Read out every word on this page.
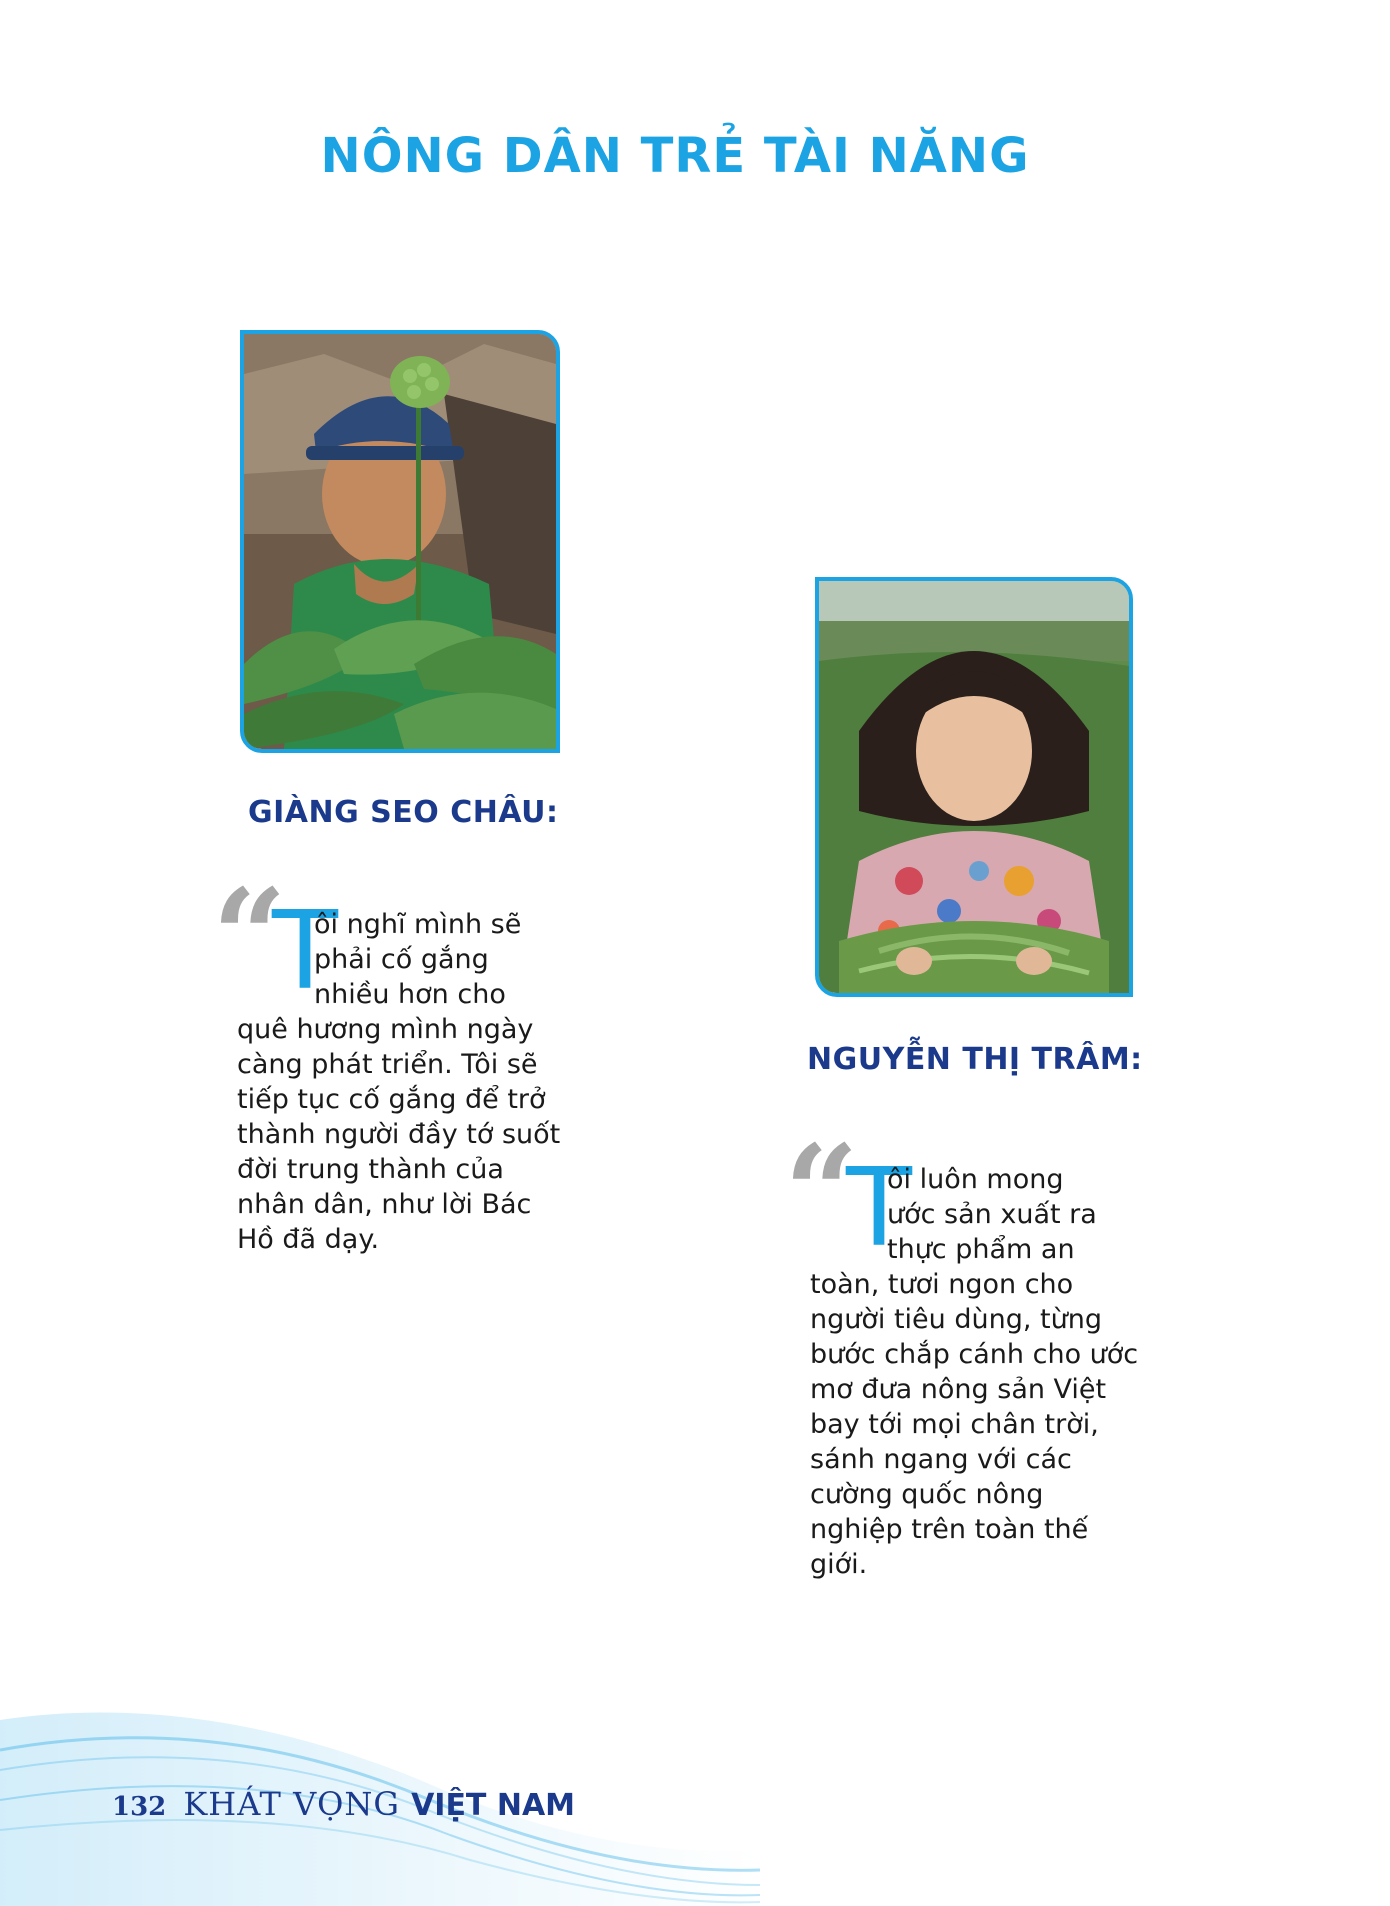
NÔNG DÂN TRẺ TÀI NĂNG
GIÀNG SEO CHÂU:
NGUYỄN THỊ TRÂM:
“
“
T
T
ôi nghĩ mình sẽ
phải cố gắng
nhiều hơn cho
quê hương mình ngày
càng phát triển. Tôi sẽ
tiếp tục cố gắng để trở
thành người đầy tớ suốt
đời trung thành của
nhân dân, như lời Bác
Hồ đã dạy.
ôi luôn mong
ước sản xuất ra
thực phẩm an
toàn, tươi ngon cho
người tiêu dùng, từng
bước chắp cánh cho ước
mơ đưa nông sản Việt
bay tới mọi chân trời,
sánh ngang với các
cường quốc nông
nghiệp trên toàn thế
giới.
132 KHÁT VỌNG VIỆT NAM
